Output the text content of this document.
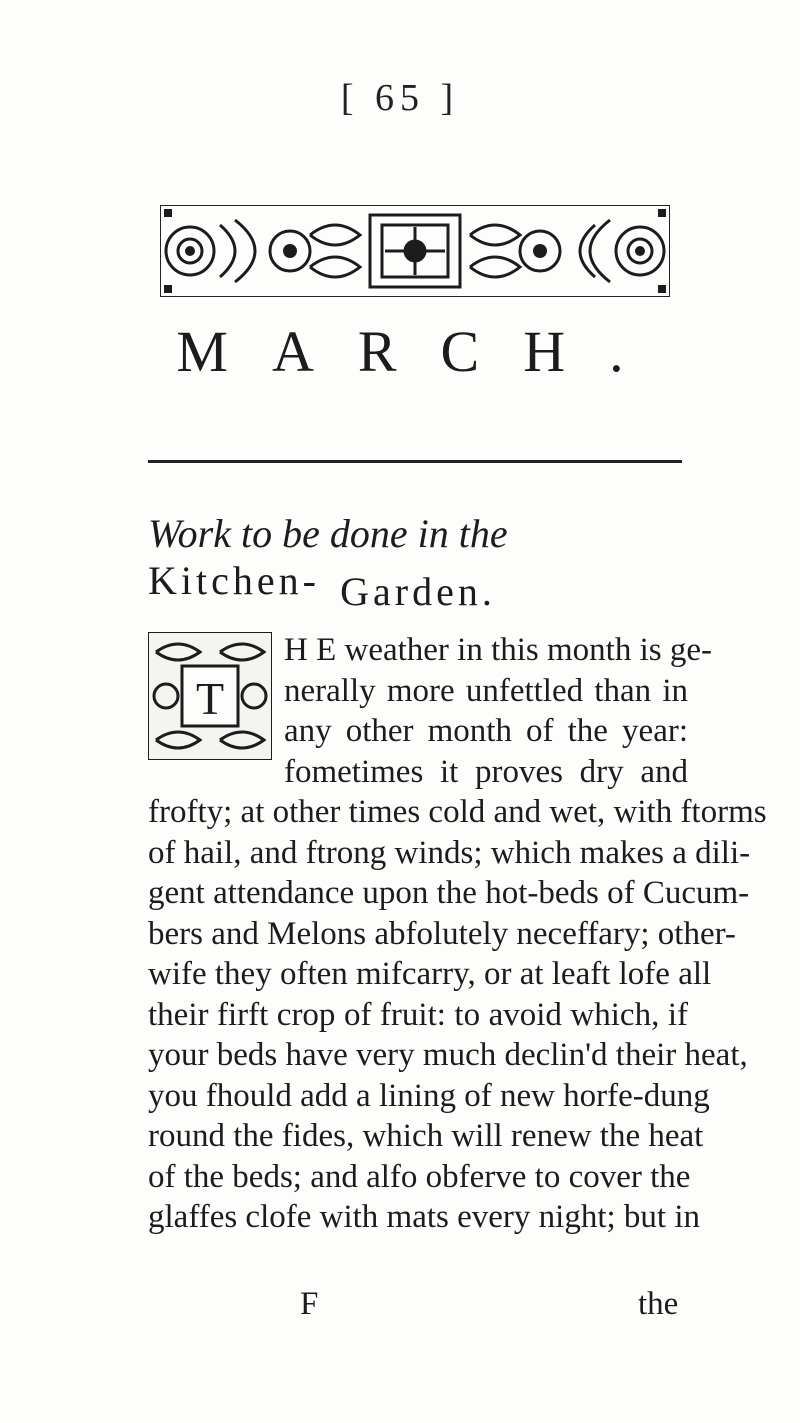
[ 65 ]
MARCH.
Work to be done in the Kitchen- Garden.
T
H E weather in this month is ge-
nerally more unfettled than in
any other month of the year:
fometimes it proves dry and
frofty; at other times cold and wet, with ftorms
of hail, and ftrong winds; which makes a dili-
gent attendance upon the hot-beds of Cucum-
bers and Melons abfolutely neceffary; other-
wife they often mifcarry, or at leaft lofe all
their firft crop of fruit: to avoid which, if
your beds have very much declin'd their heat,
you fhould add a lining of new horfe-dung
round the fides, which will renew the heat
of the beds; and alfo obferve to cover the
glaffes clofe with mats every night; but in
F	the
